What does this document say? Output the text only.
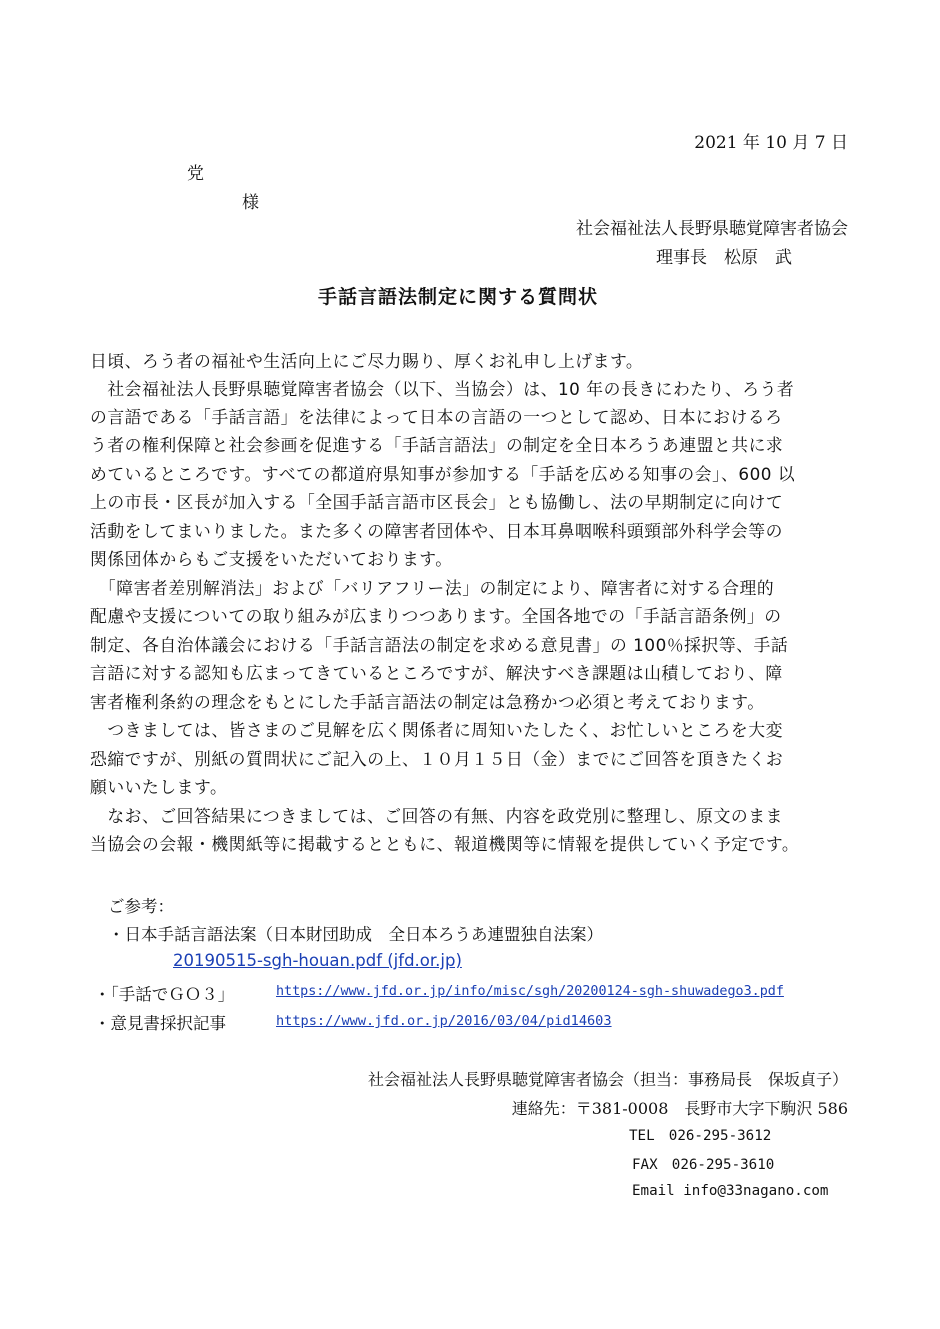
2021 年 10 月 7 日

党

様

社会福祉法人長野県聴覚障害者協会

理事長　松原　武

手話言語法制定に関する質問状

日頃、ろう者の福祉や生活向上にご尽力賜り、厚くお礼申し上げます。

　社会福祉法人長野県聴覚障害者協会（以下、当協会）は、10 年の長きにわたり、ろう者

の言語である「手話言語」を法律によって日本の言語の一つとして認め、日本におけるろ

う者の権利保障と社会参画を促進する「手話言語法」の制定を全日本ろうあ連盟と共に求

めているところです。すべての都道府県知事が参加する「手話を広める知事の会」、600 以

上の市長・区長が加入する「全国手話言語市区長会」とも協働し、法の早期制定に向けて

活動をしてまいりました。また多くの障害者団体や、日本耳鼻咽喉科頭頸部外科学会等の

関係団体からもご支援をいただいております。

　「障害者差別解消法」および「バリアフリー法」の制定により、障害者に対する合理的

配慮や支援についての取り組みが広まりつつあります。全国各地での「手話言語条例」の

制定、各自治体議会における「手話言語法の制定を求める意見書」の 100％採択等、手話

言語に対する認知も広まってきているところですが、解決すべき課題は山積しており、障

害者権利条約の理念をもとにした手話言語法の制定は急務かつ必須と考えております。

　つきましては、皆さまのご見解を広く関係者に周知いたしたく、お忙しいところを大変

恐縮ですが、別紙の質問状にご記入の上、１０月１５日（金）までにご回答を頂きたくお

願いいたします。

　なお、ご回答結果につきましては、ご回答の有無、内容を政党別に整理し、原文のまま

当協会の会報・機関紙等に掲載するとともに、報道機関等に情報を提供していく予定です。

ご参考：

・日本手話言語法案（日本財団助成　全日本ろうあ連盟独自法案）

20190515-sgh-houan.pdf (jfd.or.jp)

・「手話でＧＯ３」	https://www.jfd.or.jp/info/misc/sgh/20200124-sgh-shuwadego3.pdf

・意見書採択記事	https://www.jfd.or.jp/2016/03/04/pid14603

社会福祉法人長野県聴覚障害者協会（担当：事務局長　保坂貞子）

連絡先：〒381-0008　長野市大字下駒沢 586

TEL　026-295-3612

FAX　026-295-3610

Email info@33nagano.com
